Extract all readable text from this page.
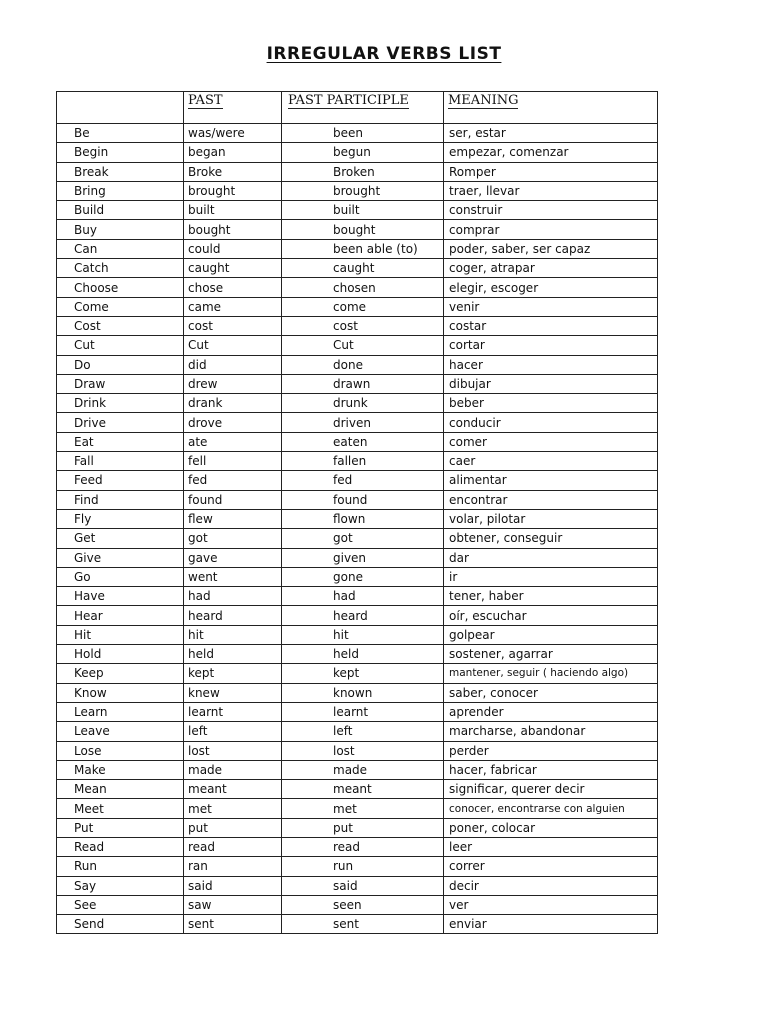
IRREGULAR VERBS LIST
	PAST	PAST PARTICIPLE	MEANING
Be	was/were	been	ser, estar
Begin	began	begun	empezar, comenzar
Break	Broke	Broken	Romper
Bring	brought	brought	traer, llevar
Build	built	built	construir
Buy	bought	bought	comprar
Can	could	been able (to)	poder, saber, ser capaz
Catch	caught	caught	coger, atrapar
Choose	chose	chosen	elegir, escoger
Come	came	come	venir
Cost	cost	cost	costar
Cut	Cut	Cut	cortar
Do	did	done	hacer
Draw	drew	drawn	dibujar
Drink	drank	drunk	beber
Drive	drove	driven	conducir
Eat	ate	eaten	comer
Fall	fell	fallen	caer
Feed	fed	fed	alimentar
Find	found	found	encontrar
Fly	flew	flown	volar, pilotar
Get	got	got	obtener, conseguir
Give	gave	given	dar
Go	went	gone	ir
Have	had	had	tener, haber
Hear	heard	heard	oír, escuchar
Hit	hit	hit	golpear
Hold	held	held	sostener, agarrar
Keep	kept	kept	mantener, seguir ( haciendo algo)
Know	knew	known	saber, conocer
Learn	learnt	learnt	aprender
Leave	left	left	marcharse, abandonar
Lose	lost	lost	perder
Make	made	made	hacer, fabricar
Mean	meant	meant	significar, querer decir
Meet	met	met	conocer, encontrarse con alguien
Put	put	put	poner, colocar
Read	read	read	leer
Run	ran	run	correr
Say	said	said	decir
See	saw	seen	ver
Send	sent	sent	enviar
